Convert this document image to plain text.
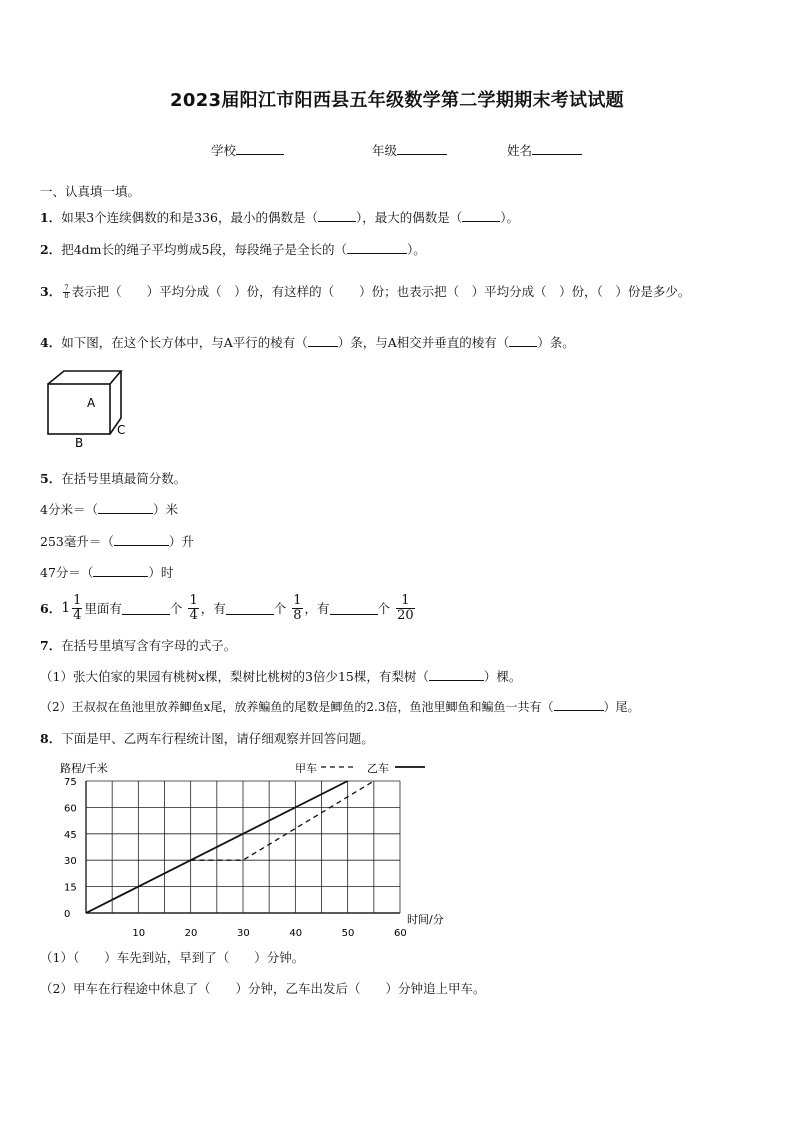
2023届阳江市阳西县五年级数学第二学期期末考试试题
学校	年级	姓名
一、认真填一填。
1．如果3个连续偶数的和是336，最小的偶数是（	），最大的偶数是（	）。
2．把4dm长的绳子平均剪成5段，每段绳子是全长的（	）。
3． $\frac{7}{8}$ 表示把（　　）平均分成（　）份，有这样的（　　）份；也表示把（　）平均分成（　）份，（　）份是多少。
4．如下图，在这个长方体中，与A平行的棱有（ ）条，与A相交并垂直的棱有（ ）条。
A
B
C
5．在括号里填最简分数。
4分米＝（	）米
253毫升＝（	）升
47分＝（	）时
6． $1 \frac{1}{4}$ 里面有	个 $\frac{1}{4}$ ，有	个 $\frac{1}{8}$ ，有	个 $\frac{1}{20}$
7．在括号里填写含有字母的式子。
（1）张大伯家的果园有桃树x棵，梨树比桃树的3倍少15棵，有梨树（	）棵。
（2）王叔叔在鱼池里放养鲫鱼x尾，放养鳊鱼的尾数是鲫鱼的2.3倍，鱼池里鲫鱼和鳊鱼一共有（	）尾。
8．下面是甲、乙两车行程统计图，请仔细观察并回答问题。
路程/千米
时间/分
甲车	乙车
0
15
30
45
60
75
10	20	30	40	50	60
（1）（　　）车先到站，早到了（　　）分钟。
（2）甲车在行程途中休息了（　　）分钟，乙车出发后（　　）分钟追上甲车。
